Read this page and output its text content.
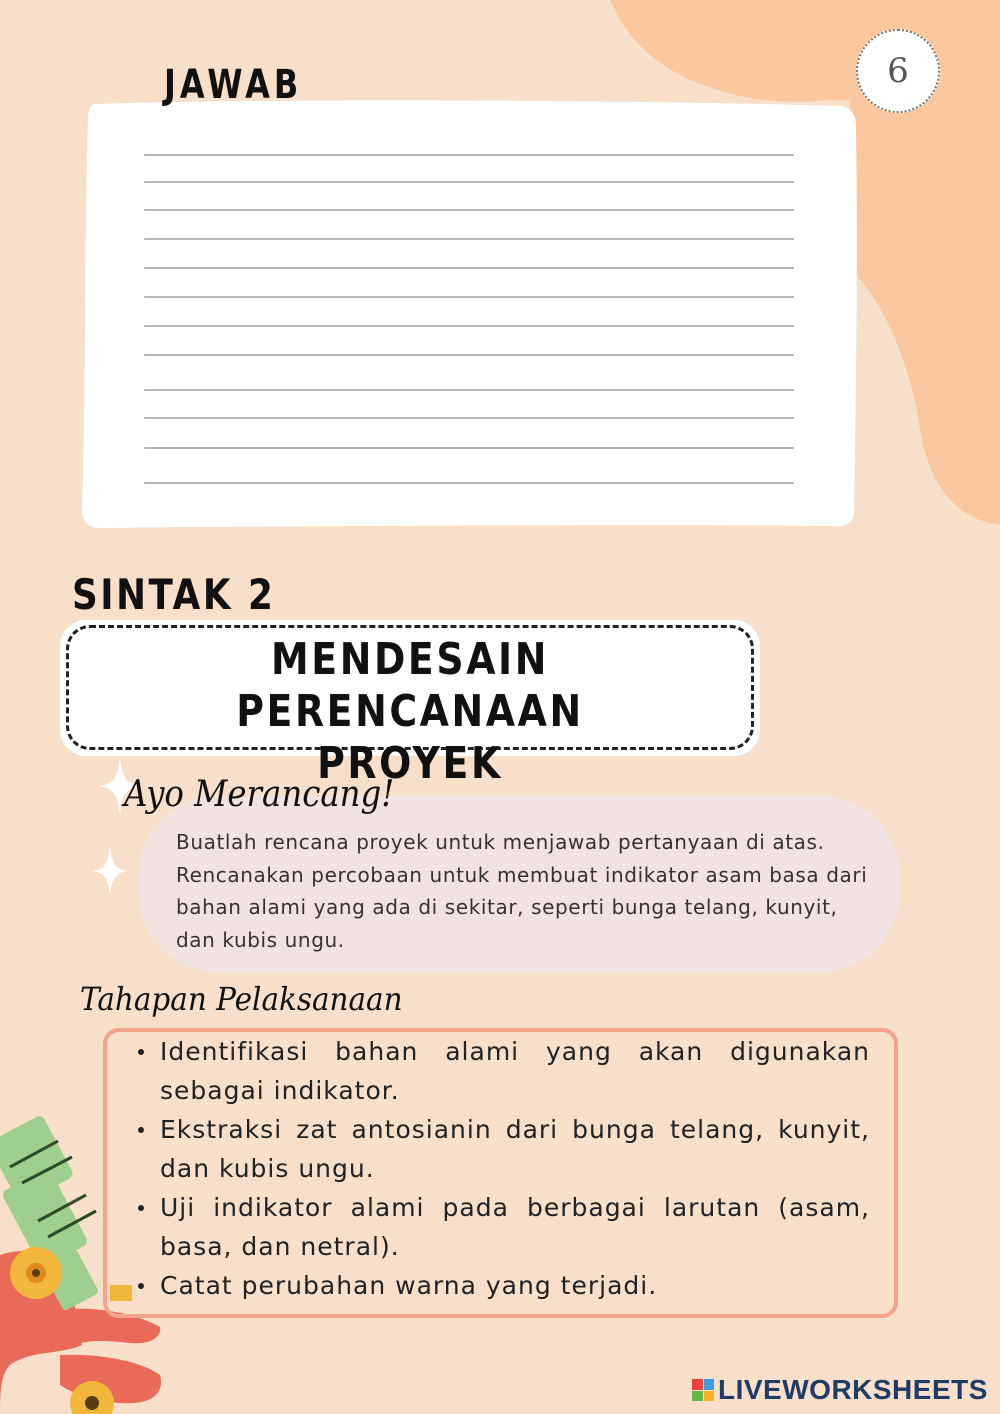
6
JAWAB
SINTAK 2
MENDESAIN PERENCANAAN
PROYEK
Ayo Merancang!
Buatlah rencana proyek untuk menjawab pertanyaan di atas.
Rencanakan percobaan untuk membuat indikator asam basa dari
bahan alami yang ada di sekitar, seperti bunga telang, kunyit,
dan kubis ungu.
Tahapan Pelaksanaan
Identifikasi bahan alami yang akan digunakan sebagai indikator.
Ekstraksi zat antosianin dari bunga telang, kunyit, dan kubis ungu.
Uji indikator alami pada berbagai larutan (asam, basa, dan netral).
Catat perubahan warna yang terjadi.
LIVEWORKSHEETS
